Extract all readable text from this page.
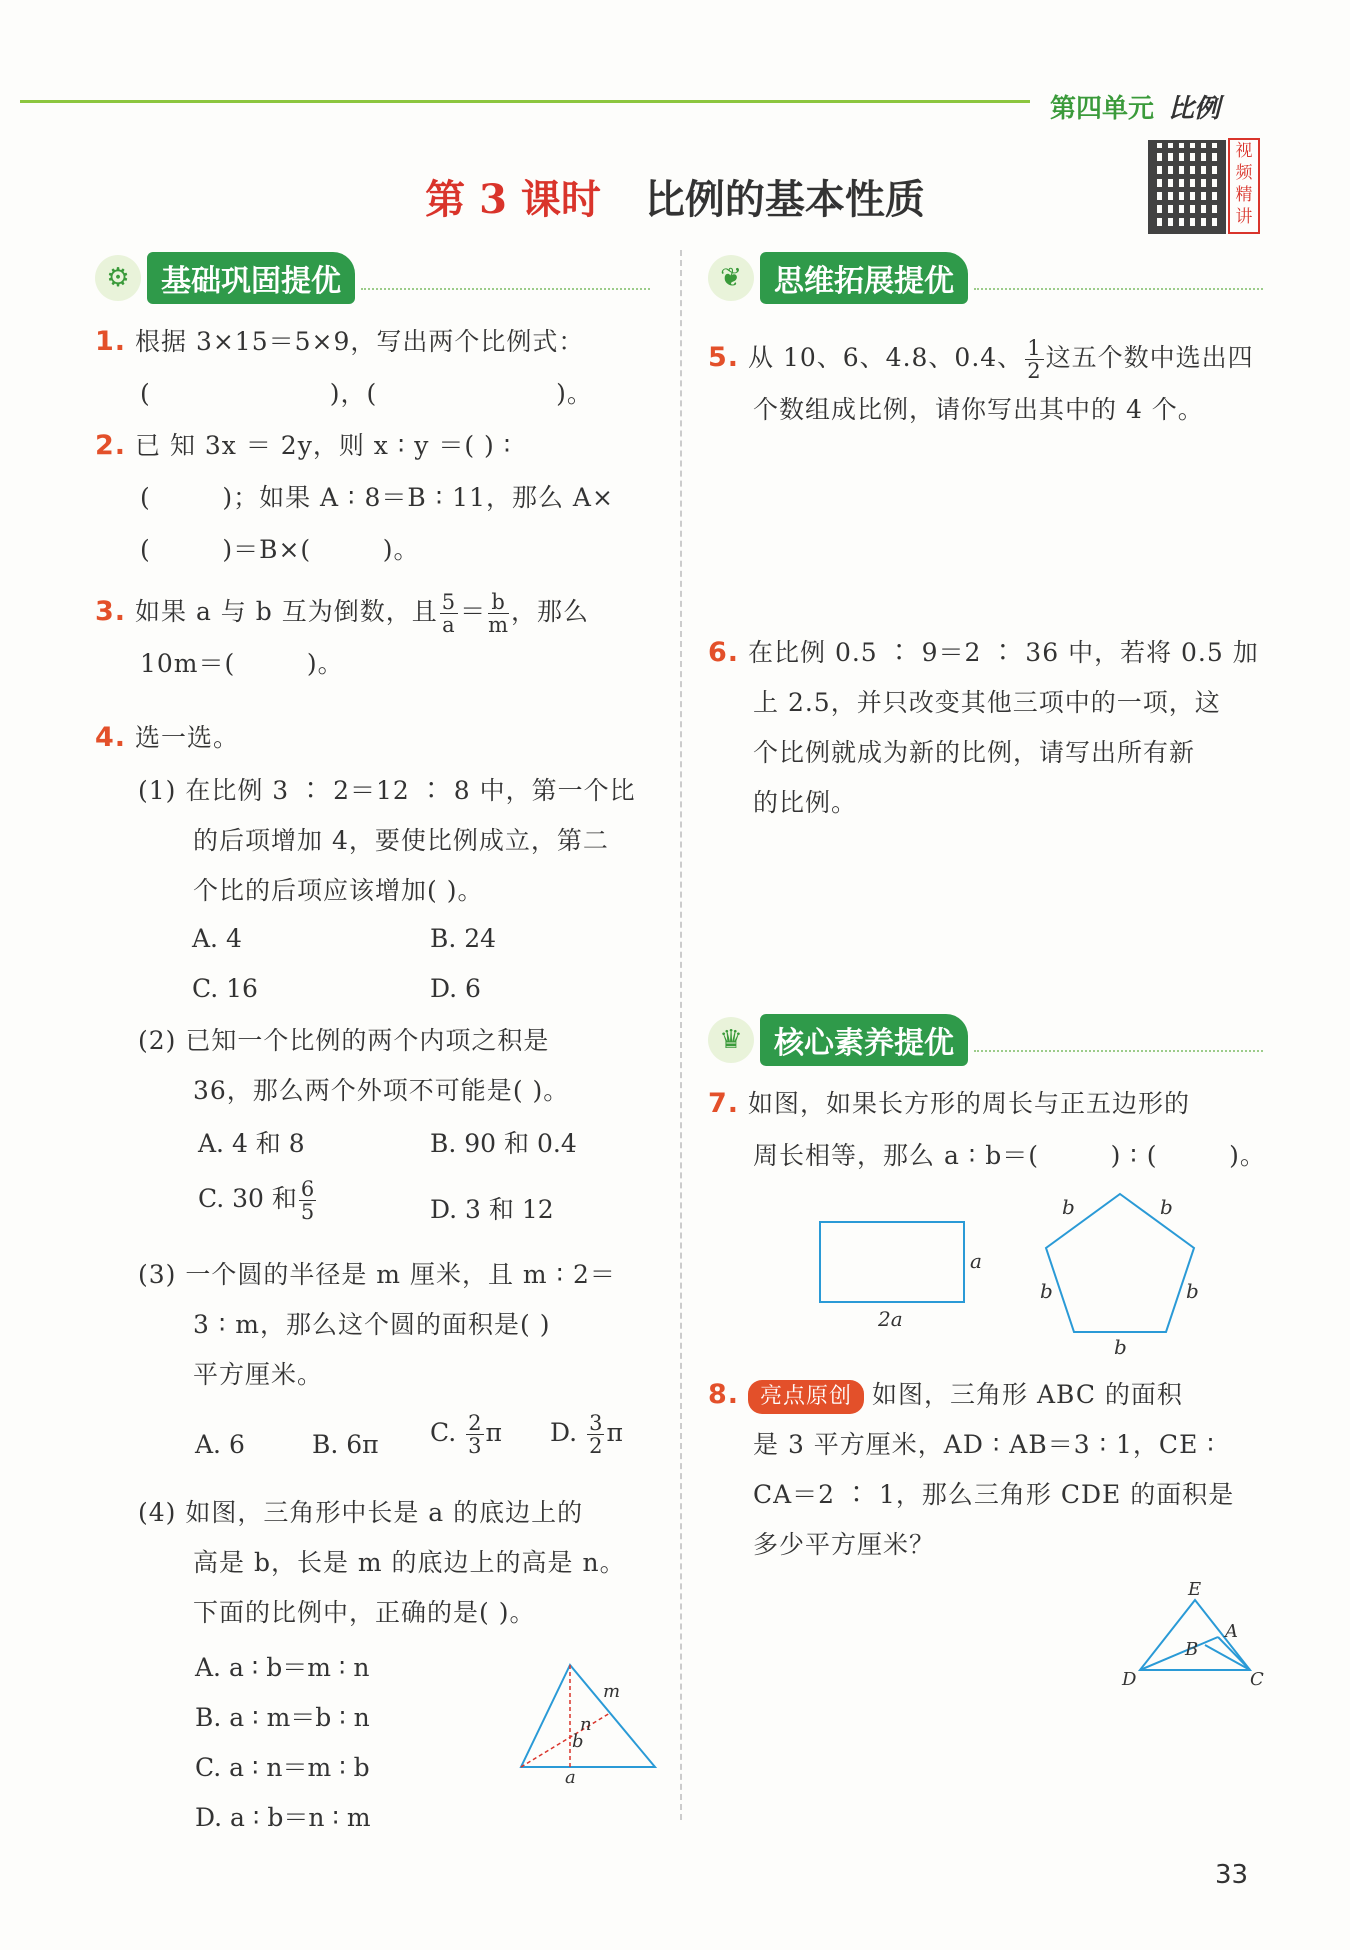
第四单元 比例
第 3 课时 比例的基本性质
视频精讲
⚙	基础巩固提优	❦	思维拓展提优
♛	核心素养提优
1. 根据 3×15＝5×9，写出两个比例式：
(                    )，(                    )。
2. 已 知 3x ＝ 2y，则 x ∶ y ＝( ) ∶
(        )；如果 A ∶ 8＝B ∶ 11，那么 A×
(        )＝B×(        )。
3. 如果 a 与 b 互为倒数，且 $\frac{5}{a} = \frac{b}{m}$ ，那么
10m＝(        )。
4. 选一选。
(1) 在比例 3 ∶ 2＝12 ∶ 8 中，第一个比
的后项增加 4，要使比例成立，第二
个比的后项应该增加( )。
A. 4	B. 24
C. 16	D. 6
(2) 已知一个比例的两个内项之积是
36，那么两个外项不可能是( )。
A. 4 和 8	B. 90 和 0.4
C. 30 和 $\frac{6}{5}$	D. 3 和 12
(3) 一个圆的半径是 m 厘米，且 m ∶ 2＝
3 ∶ m，那么这个圆的面积是( )
平方厘米。
A. 6	B. 6π C. $\frac{2}{3}$ π D. $\frac{3}{2}$ π
(4) 如图，三角形中长是 a 的底边上的
高是 b，长是 m 的底边上的高是 n。
下面的比例中，正确的是( )。
A. a ∶ b＝m ∶ n
B. a ∶ m＝b ∶ n
C. a ∶ n＝m ∶ b
D. a ∶ b＝n ∶ m
m
n
b
a
5. 从 10、6、4.8、0.4、 $\frac{1}{2}$ 这五个数中选出四
个数组成比例，请你写出其中的 4 个。
6. 在比例 0.5 ∶ 9＝2 ∶ 36 中，若将 0.5 加
上 2.5，并只改变其他三项中的一项，这
个比例就成为新的比例，请写出所有新
的比例。
7. 如图，如果长方形的周长与正五边形的
周长相等，那么 a ∶ b＝(        ) ∶ (        )。
a
2a
b	b
b	b
b
8. 亮点原创 如图，三角形 ABC 的面积
是 3 平方厘米，AD ∶ AB＝3 ∶ 1，CE ∶
CA＝2 ∶ 1，那么三角形 CDE 的面积是
多少平方厘米？
E
A
B
C
D
33
